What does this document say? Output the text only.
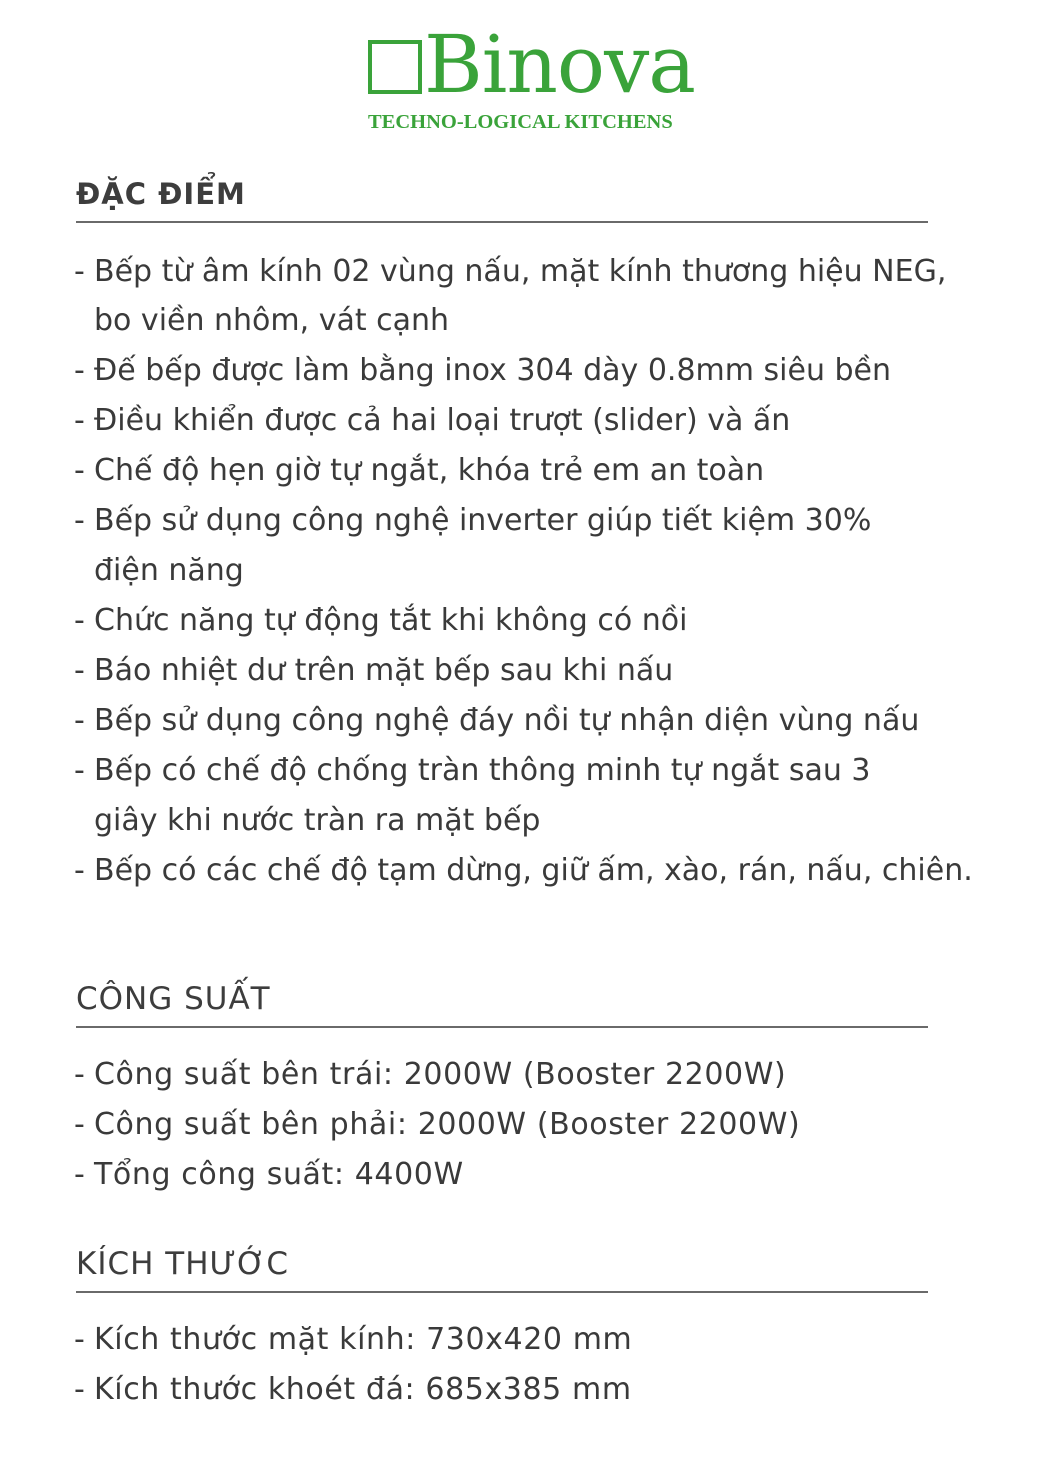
Binova
TECHNO-LOGICAL KITCHENS
ĐẶC ĐIỂM
- Bếp từ âm kính 02 vùng nấu, mặt kính thương hiệu NEG,
bo viền nhôm, vát cạnh
- Đế bếp được làm bằng inox 304 dày 0.8mm siêu bền
- Điều khiển được cả hai loại trượt (slider) và ấn
- Chế độ hẹn giờ tự ngắt, khóa trẻ em an toàn
- Bếp sử dụng công nghệ inverter giúp tiết kiệm 30%
điện năng
- Chức năng tự động tắt khi không có nồi
- Báo nhiệt dư trên mặt bếp sau khi nấu
- Bếp sử dụng công nghệ đáy nồi tự nhận diện vùng nấu
- Bếp có chế độ chống tràn thông minh tự ngắt sau 3
giây khi nước tràn ra mặt bếp
- Bếp có các chế độ tạm dừng, giữ ấm, xào, rán, nấu, chiên.
CÔNG SUẤT
- Công suất bên trái: 2000W (Booster 2200W)
- Công suất bên phải: 2000W (Booster 2200W)
- Tổng công suất: 4400W
KÍCH THƯỚC
- Kích thước mặt kính: 730x420 mm
- Kích thước khoét đá: 685x385 mm
